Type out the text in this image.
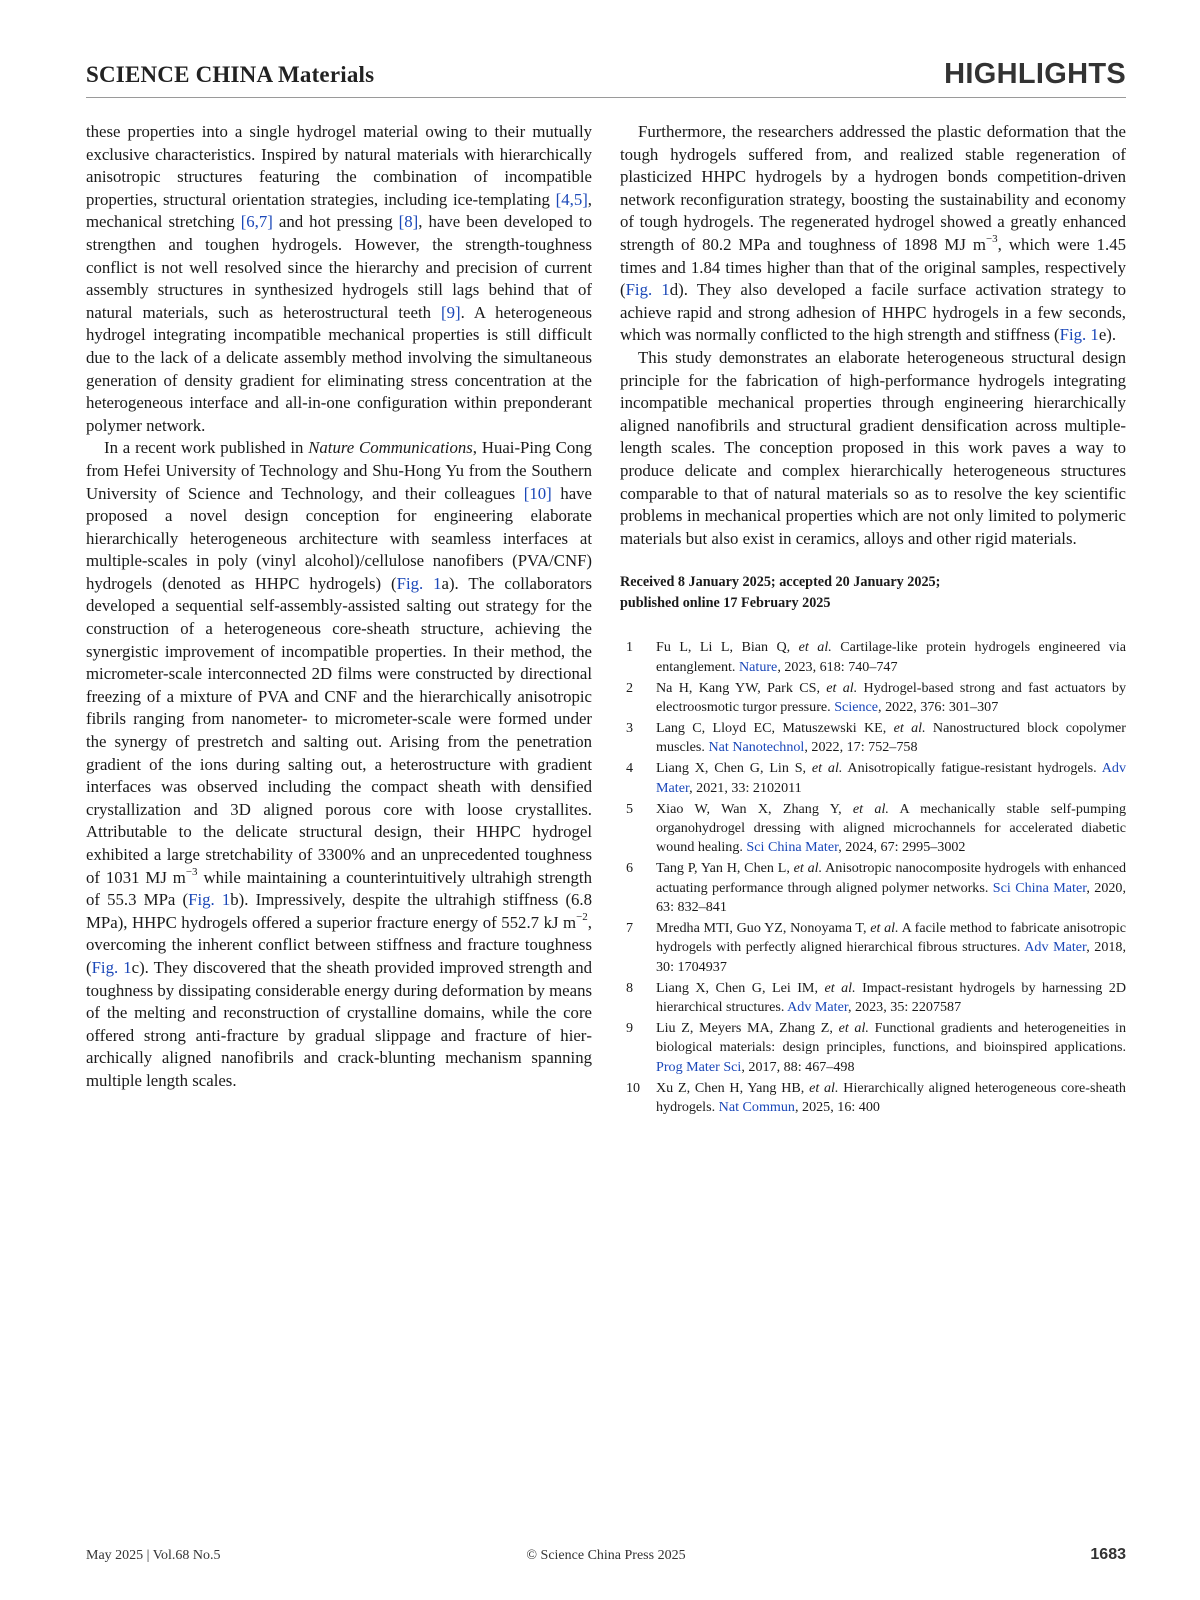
SCIENCE CHINA Materials	HIGHLIGHTS

these properties into a single hydrogel material owing to their mutually exclusive characteristics. Inspired by natural materials with hierarchically anisotropic structures featuring the combination of incompatible properties, structural orientation strategies, including ice-templating [4,5], mechanical stretching [6,7] and hot pressing [8], have been developed to strengthen and toughen hydrogels. However, the strength-toughness conflict is not well resolved since the hierarchy and precision of current assembly structures in synthesized hydrogels still lags behind that of natural materials, such as heterostructural teeth [9]. A heterogeneous hydrogel integrating incompatible mechanical properties is still difficult due to the lack of a delicate assembly method involving the simultaneous generation of density gradient for eliminating stress concentration at the heterogeneous interface and all-in-one configuration within preponderant polymer network.

In a recent work published in Nature Communications, Huai-Ping Cong from Hefei University of Technology and Shu-Hong Yu from the Southern University of Science and Technology, and their colleagues [10] have proposed a novel design conception for engineering elaborate hierarchically heterogeneous architecture with seamless interfaces at multiple-scales in poly (vinyl alcohol)/cellulose nanofibers (PVA/CNF) hydrogels (denoted as HHPC hydrogels) (Fig. 1a). The collaborators developed a sequential self-assembly-assisted salting out strategy for the construction of a heterogeneous core-sheath structure, achieving the synergistic improvement of incompatible properties. In their method, the micrometer-scale interconnected 2D films were constructed by directional freezing of a mixture of PVA and CNF and the hierarchically anisotropic fibrils ranging from nanometer- to micrometer-scale were formed under the synergy of prestretch and salting out. Arising from the penetration gradient of the ions during salting out, a heterostructure with gradient interfaces was observed including the compact sheath with densified crystallization and 3D aligned porous core with loose crystallites. Attributable to the delicate structural design, their HHPC hydrogel exhibited a large stretchability of 3300% and an unprecedented toughness of 1031 MJ $m^{-3}$ while maintaining a counterintuitively ultrahigh strength of 55.3 MPa (Fig. 1b). Impressively, despite the ultrahigh stiffness (6.8 MPa), HHPC hydrogels offered a superior fracture energy of 552.7 kJ $m^{-2}$, overcoming the inherent conflict between stiffness and fracture toughness (Fig. 1c). They discovered that the sheath provided improved strength and toughness by dissipating considerable energy during deformation by means of the melting and reconstruction of crystalline domains, while the core offered strong anti-fracture by gradual slippage and fracture of hierarchically aligned nanofibrils and crack-blunting mechanism spanning multiple length scales.

Furthermore, the researchers addressed the plastic deformation that the tough hydrogels suffered from, and realized stable regeneration of plasticized HHPC hydrogels by a hydrogen bonds competition-driven network reconfiguration strategy, boosting the sustainability and economy of tough hydrogels. The regenerated hydrogel showed a greatly enhanced strength of 80.2 MPa and toughness of 1898 MJ $m^{-3}$, which were 1.45 times and 1.84 times higher than that of the original samples, respectively (Fig. 1d). They also developed a facile surface activation strategy to achieve rapid and strong adhesion of HHPC hydrogels in a few seconds, which was normally conflicted to the high strength and stiffness (Fig. 1e).

This study demonstrates an elaborate heterogeneous structural design principle for the fabrication of high-performance hydrogels integrating incompatible mechanical properties through engineering hierarchically aligned nanofibrils and structural gradient densification across multiple-length scales. The conception proposed in this work paves a way to produce delicate and complex hierarchically heterogeneous structures comparable to that of natural materials so as to resolve the key scientific problems in mechanical properties which are not only limited to polymeric materials but also exist in ceramics, alloys and other rigid materials.

Received 8 January 2025; accepted 20 January 2025;
published online 17 February 2025
1	Fu L, Li L, Bian Q, et al. Cartilage-like protein hydrogels engineered via entanglement. Nature, 2023, 618: 740–747
2	Na H, Kang YW, Park CS, et al. Hydrogel-based strong and fast actuators by electroosmotic turgor pressure. Science, 2022, 376: 301–307
3	Lang C, Lloyd EC, Matuszewski KE, et al. Nanostructured block copolymer muscles. Nat Nanotechnol, 2022, 17: 752–758
4	Liang X, Chen G, Lin S, et al. Anisotropically fatigue-resistant hydrogels. Adv Mater, 2021, 33: 2102011
5	Xiao W, Wan X, Zhang Y, et al. A mechanically stable self-pumping organohydrogel dressing with aligned microchannels for accelerated diabetic wound healing. Sci China Mater, 2024, 67: 2995–3002
6	Tang P, Yan H, Chen L, et al. Anisotropic nanocomposite hydrogels with enhanced actuating performance through aligned polymer networks. Sci China Mater, 2020, 63: 832–841
7	Mredha MTI, Guo YZ, Nonoyama T, et al. A facile method to fabricate anisotropic hydrogels with perfectly aligned hierarchical fibrous structures. Adv Mater, 2018, 30: 1704937
8	Liang X, Chen G, Lei IM, et al. Impact-resistant hydrogels by harnessing 2D hierarchical structures. Adv Mater, 2023, 35: 2207587
9	Liu Z, Meyers MA, Zhang Z, et al. Functional gradients and heterogeneities in biological materials: design principles, functions, and bioinspired applications. Prog Mater Sci, 2017, 88: 467–498
10	Xu Z, Chen H, Yang HB, et al. Hierarchically aligned heterogeneous core-sheath hydrogels. Nat Commun, 2025, 16: 400
May 2025 | Vol.68 No.5	© Science China Press 2025	1683
